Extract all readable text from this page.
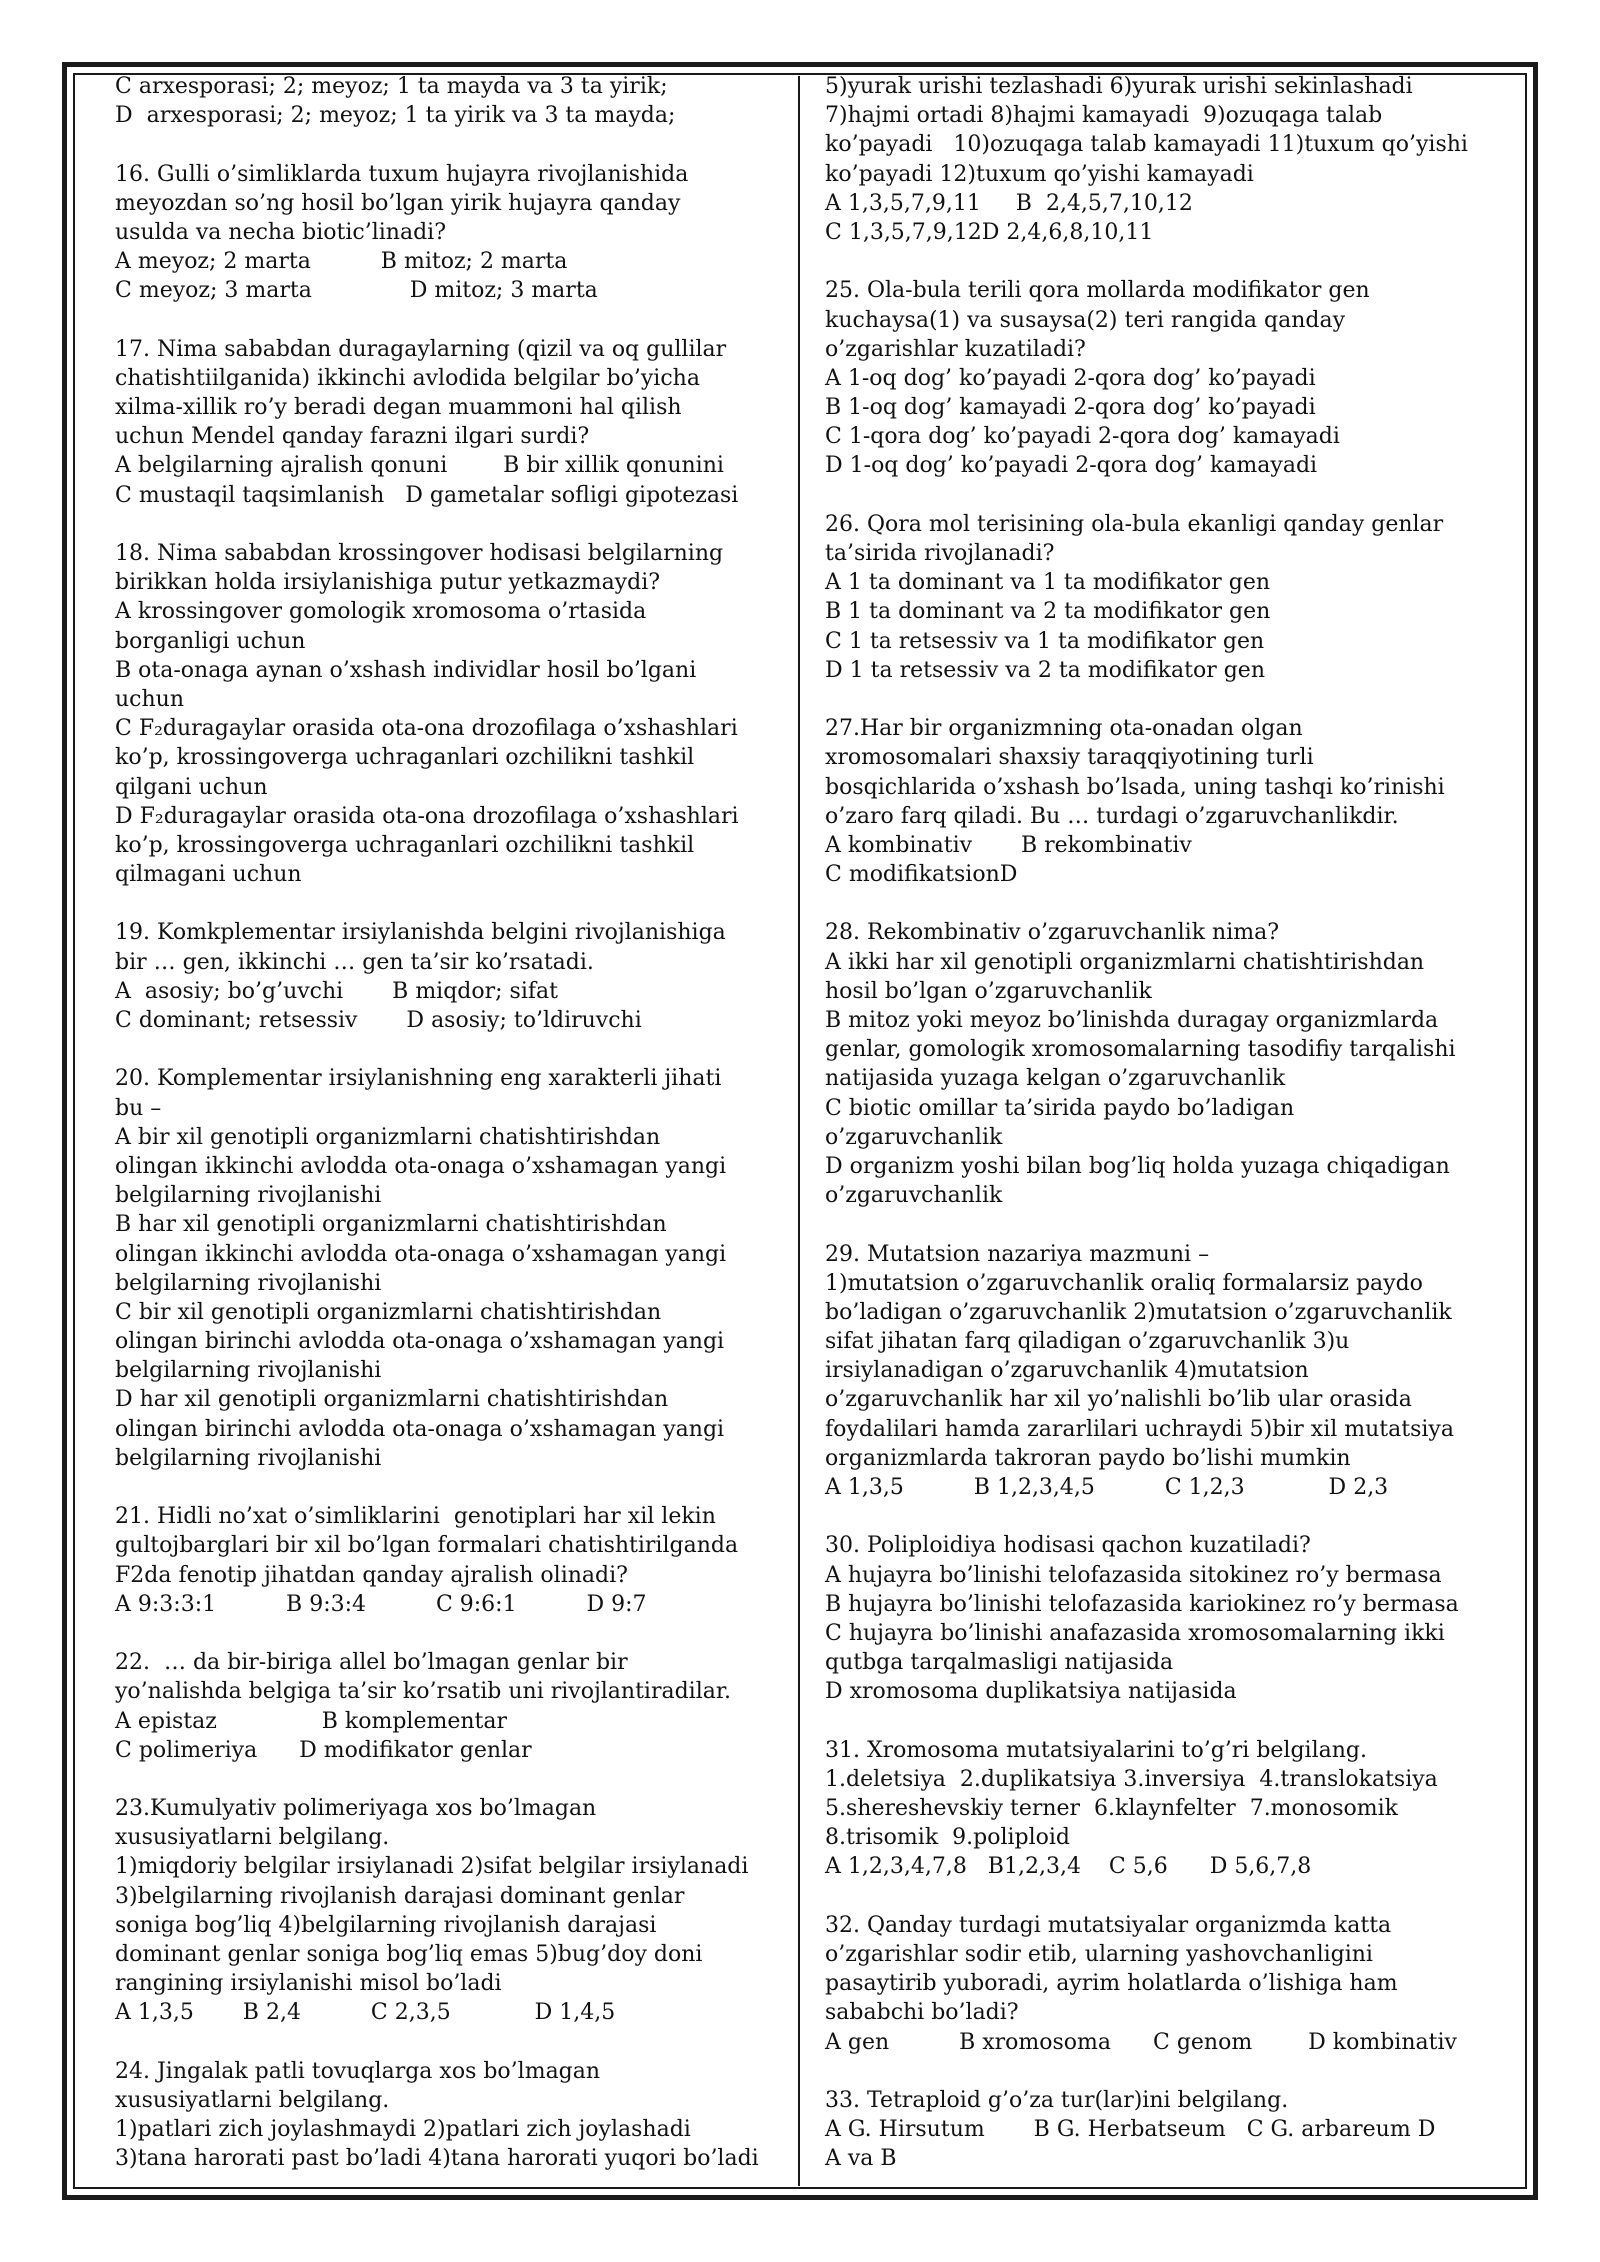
C arxesporasi; 2; meyoz; 1 ta mayda va 3 ta yirik;
D  arxesporasi; 2; meyoz; 1 ta yirik va 3 ta mayda;
16. Gulli o’simliklarda tuxum hujayra rivojlanishida
meyozdan so’ng hosil bo’lgan yirik hujayra qanday
usulda va necha biotic’linadi?
A meyoz; 2 marta          B mitoz; 2 marta
C meyoz; 3 marta              D mitoz; 3 marta
17. Nima sababdan duragaylarning (qizil va oq gullilar
chatishtiilganida) ikkinchi avlodida belgilar bo’yicha
xilma-xillik ro’y beradi degan muammoni hal qilish
uchun Mendel qanday farazni ilgari surdi?
A belgilarning ajralish qonuni        B bir xillik qonunini
C mustaqil taqsimlanish   D gametalar sofligi gipotezasi
18. Nima sababdan krossingover hodisasi belgilarning
birikkan holda irsiylanishiga putur yetkazmaydi?
A krossingover gomologik xromosoma o’rtasida
borganligi uchun
B ota-onaga aynan o’xshash individlar hosil bo’lgani
uchun
C F₂duragaylar orasida ota-ona drozofilaga o’xshashlari
ko’p, krossingoverga uchraganlari ozchilikni tashkil
qilgani uchun
D F₂duragaylar orasida ota-ona drozofilaga o’xshashlari
ko’p, krossingoverga uchraganlari ozchilikni tashkil
qilmagani uchun
19. Komkplementar irsiylanishda belgini rivojlanishiga
bir … gen, ikkinchi … gen ta’sir ko’rsatadi.
A  asosiy; bo’g’uvchi       B miqdor; sifat
C dominant; retsessiv       D asosiy; to’ldiruvchi
20. Komplementar irsiylanishning eng xarakterli jihati
bu –
A bir xil genotipli organizmlarni chatishtirishdan
olingan ikkinchi avlodda ota-onaga o’xshamagan yangi
belgilarning rivojlanishi
B har xil genotipli organizmlarni chatishtirishdan
olingan ikkinchi avlodda ota-onaga o’xshamagan yangi
belgilarning rivojlanishi
C bir xil genotipli organizmlarni chatishtirishdan
olingan birinchi avlodda ota-onaga o’xshamagan yangi
belgilarning rivojlanishi
D har xil genotipli organizmlarni chatishtirishdan
olingan birinchi avlodda ota-onaga o’xshamagan yangi
belgilarning rivojlanishi
21. Hidli no’xat o’simliklarini  genotiplari har xil lekin
gultojbarglari bir xil bo’lgan formalari chatishtirilganda
F2da fenotip jihatdan qanday ajralish olinadi?
A 9:3:3:1          B 9:3:4          C 9:6:1          D 9:7
22.  … da bir-biriga allel bo’lmagan genlar bir
yo’nalishda belgiga ta’sir ko’rsatib uni rivojlantiradilar.
A epistaz               B komplementar
C polimeriya      D modifikator genlar
23.Kumulyativ polimeriyaga xos bo’lmagan
xususiyatlarni belgilang.
1)miqdoriy belgilar irsiylanadi 2)sifat belgilar irsiylanadi
3)belgilarning rivojlanish darajasi dominant genlar
soniga bog’liq 4)belgilarning rivojlanish darajasi
dominant genlar soniga bog’liq emas 5)bug’doy doni
rangining irsiylanishi misol bo’ladi
A 1,3,5       B 2,4          C 2,3,5            D 1,4,5
24. Jingalak patli tovuqlarga xos bo’lmagan
xususiyatlarni belgilang.
1)patlari zich joylashmaydi 2)patlari zich joylashadi
3)tana harorati past bo’ladi 4)tana harorati yuqori bo’ladi
5)yurak urishi tezlashadi 6)yurak urishi sekinlashadi
7)hajmi ortadi 8)hajmi kamayadi  9)ozuqaga talab
ko’payadi   10)ozuqaga talab kamayadi 11)tuxum qo’yishi
ko’payadi 12)tuxum qo’yishi kamayadi
A 1,3,5,7,9,11     B  2,4,5,7,10,12
C 1,3,5,7,9,12D 2,4,6,8,10,11
25. Ola-bula terili qora mollarda modifikator gen
kuchaysa(1) va susaysa(2) teri rangida qanday
o’zgarishlar kuzatiladi?
A 1-oq dog’ ko’payadi 2-qora dog’ ko’payadi
B 1-oq dog’ kamayadi 2-qora dog’ ko’payadi
C 1-qora dog’ ko’payadi 2-qora dog’ kamayadi
D 1-oq dog’ ko’payadi 2-qora dog’ kamayadi
26. Qora mol terisining ola-bula ekanligi qanday genlar
ta’sirida rivojlanadi?
A 1 ta dominant va 1 ta modifikator gen
B 1 ta dominant va 2 ta modifikator gen
C 1 ta retsessiv va 1 ta modifikator gen
D 1 ta retsessiv va 2 ta modifikator gen
27.Har bir organizmning ota-onadan olgan
xromosomalari shaxsiy taraqqiyotining turli
bosqichlarida o’xshash bo’lsada, uning tashqi ko’rinishi
o’zaro farq qiladi. Bu … turdagi o’zgaruvchanlikdir.
A kombinativ       B rekombinativ
C modifikatsionD
28. Rekombinativ o’zgaruvchanlik nima?
A ikki har xil genotipli organizmlarni chatishtirishdan
hosil bo’lgan o’zgaruvchanlik
B mitoz yoki meyoz bo’linishda duragay organizmlarda
genlar, gomologik xromosomalarning tasodifiy tarqalishi
natijasida yuzaga kelgan o’zgaruvchanlik
C biotic omillar ta’sirida paydo bo’ladigan
o’zgaruvchanlik
D organizm yoshi bilan bog’liq holda yuzaga chiqadigan
o’zgaruvchanlik
29. Mutatsion nazariya mazmuni –
1)mutatsion o’zgaruvchanlik oraliq formalarsiz paydo
bo’ladigan o’zgaruvchanlik 2)mutatsion o’zgaruvchanlik
sifat jihatan farq qiladigan o’zgaruvchanlik 3)u
irsiylanadigan o’zgaruvchanlik 4)mutatsion
o’zgaruvchanlik har xil yo’nalishli bo’lib ular orasida
foydalilari hamda zararlilari uchraydi 5)bir xil mutatsiya
organizmlarda takroran paydo bo’lishi mumkin
A 1,3,5          B 1,2,3,4,5          C 1,2,3            D 2,3
30. Poliploidiya hodisasi qachon kuzatiladi?
A hujayra bo’linishi telofazasida sitokinez ro’y bermasa
B hujayra bo’linishi telofazasida kariokinez ro’y bermasa
C hujayra bo’linishi anafazasida xromosomalarning ikki
qutbga tarqalmasligi natijasida
D xromosoma duplikatsiya natijasida
31. Xromosoma mutatsiyalarini to’g’ri belgilang.
1.deletsiya  2.duplikatsiya 3.inversiya  4.translokatsiya
5.shereshevskiy terner  6.klaynfelter  7.monosomik
8.trisomik  9.poliploid
A 1,2,3,4,7,8   B1,2,3,4    C 5,6      D 5,6,7,8
32. Qanday turdagi mutatsiyalar organizmda katta
o’zgarishlar sodir etib, ularning yashovchanligini
pasaytirib yuboradi, ayrim holatlarda o’lishiga ham
sababchi bo’ladi?
A gen          B xromosoma      C genom        D kombinativ
33. Tetraploid g’o’za tur(lar)ini belgilang.
A G. Hirsutum       B G. Herbatseum   C G. arbareum D
A va B
